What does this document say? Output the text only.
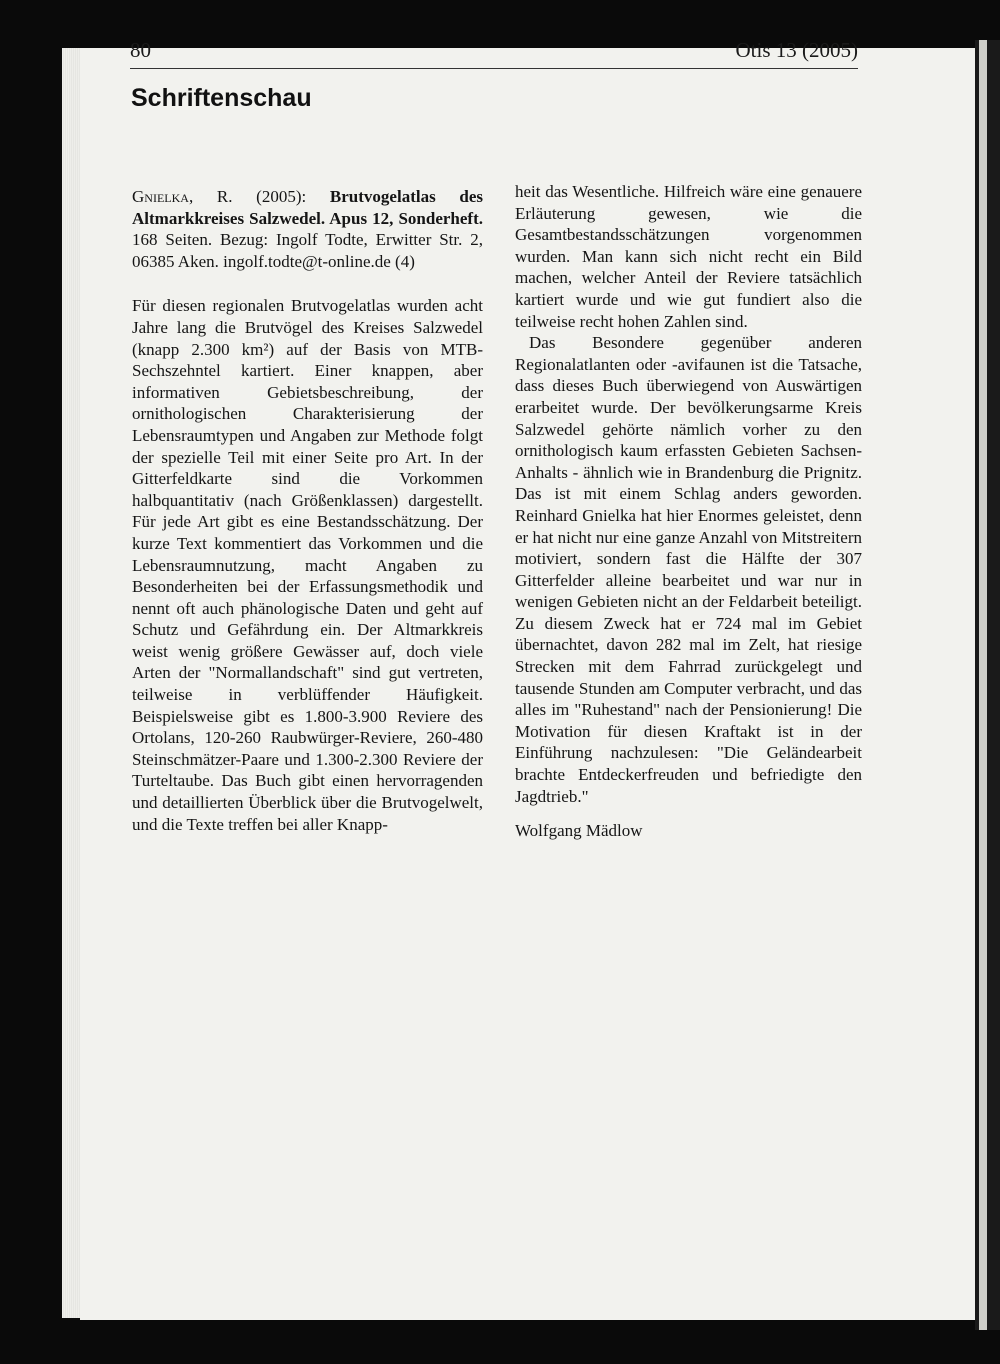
80	Otis 13 (2005)
Schriftenschau

Gnielka, R. (2005): Brutvogelatlas des Altmarkkreises Salzwedel. Apus 12, Sonderheft. 168 Seiten. Bezug: Ingolf Todte, Erwitter Str. 2, 06385 Aken. ingolf.todte@t-online.de (4)

Für diesen regionalen Brutvogelatlas wurden acht Jahre lang die Brutvögel des Kreises Salzwedel (knapp 2.300 km²) auf der Basis von MTB-Sechszehntel kartiert. Einer knappen, aber informativen Gebietsbeschreibung, der ornithologischen Charakterisierung der Lebensraumtypen und Angaben zur Methode folgt der spezielle Teil mit einer Seite pro Art. In der Gitterfeldkarte sind die Vorkommen halbquantitativ (nach Größenklassen) dargestellt. Für jede Art gibt es eine Bestandsschätzung. Der kurze Text kommentiert das Vorkommen und die Lebensraumnutzung, macht Angaben zu Besonderheiten bei der Erfassungsmethodik und nennt oft auch phänologische Daten und geht auf Schutz und Gefährdung ein. Der Altmarkkreis weist wenig größere Gewässer auf, doch viele Arten der "Normallandschaft" sind gut vertreten, teilweise in verblüffender Häufigkeit. Beispielsweise gibt es 1.800-3.900 Reviere des Ortolans, 120-260 Raubwürger-Reviere, 260-480 Steinschmätzer-Paare und 1.300-2.300 Reviere der Turteltaube. Das Buch gibt einen hervorragenden und detaillierten Überblick über die Brutvogelwelt, und die Texte treffen bei aller Knapp-

heit das Wesentliche. Hilfreich wäre eine genauere Erläuterung gewesen, wie die Gesamtbestandsschätzungen vorgenommen wurden. Man kann sich nicht recht ein Bild machen, welcher Anteil der Reviere tatsächlich kartiert wurde und wie gut fundiert also die teilweise recht hohen Zahlen sind.

Das Besondere gegenüber anderen Regionalatlanten oder -avifaunen ist die Tatsache, dass dieses Buch überwiegend von Auswärtigen erarbeitet wurde. Der bevölkerungsarme Kreis Salzwedel gehörte nämlich vorher zu den ornithologisch kaum erfassten Gebieten Sachsen-Anhalts - ähnlich wie in Brandenburg die Prignitz. Das ist mit einem Schlag anders geworden. Reinhard Gnielka hat hier Enormes geleistet, denn er hat nicht nur eine ganze Anzahl von Mitstreitern motiviert, sondern fast die Hälfte der 307 Gitterfelder alleine bearbeitet und war nur in wenigen Gebieten nicht an der Feldarbeit beteiligt. Zu diesem Zweck hat er 724 mal im Gebiet übernachtet, davon 282 mal im Zelt, hat riesige Strecken mit dem Fahrrad zurückgelegt und tausende Stunden am Computer verbracht, und das alles im "Ruhestand" nach der Pensionierung! Die Motivation für diesen Kraftakt ist in der Einführung nachzulesen: "Die Geländearbeit brachte Entdeckerfreuden und befriedigte den Jagdtrieb."

Wolfgang Mädlow
